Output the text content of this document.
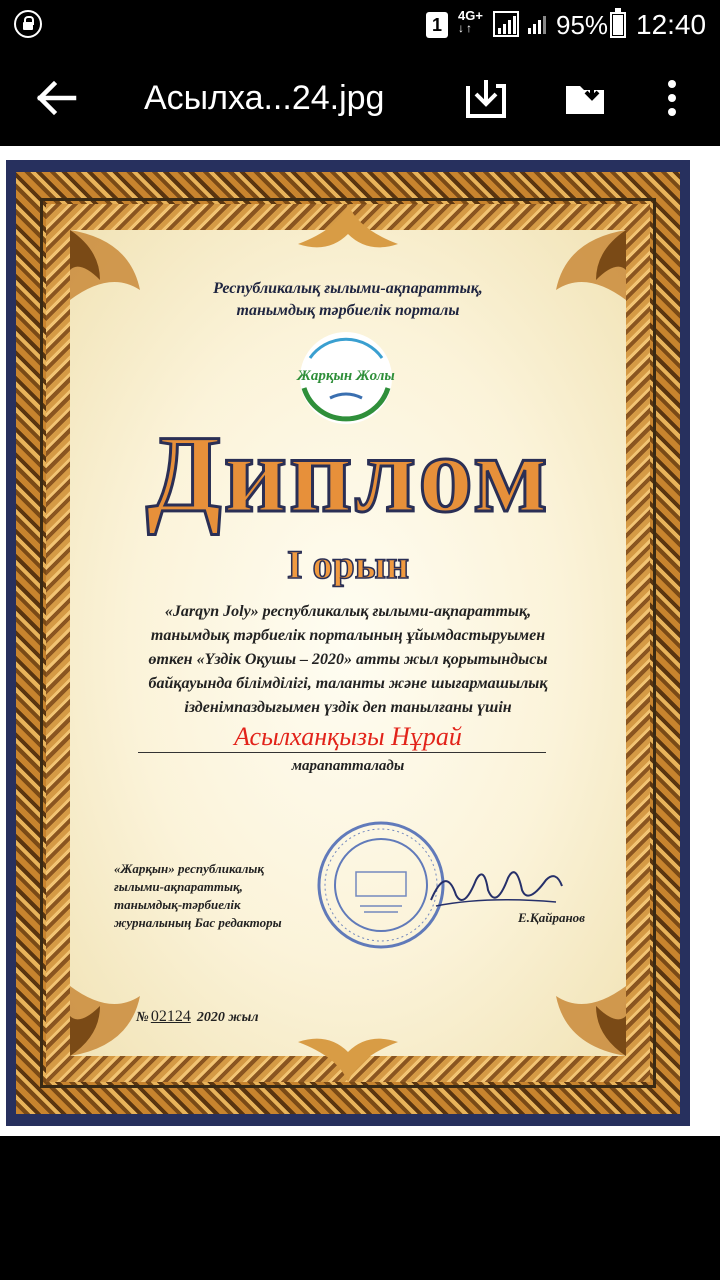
1	4G+
↓↑	95% 12:40
Асылха...24.jpg
Республикалық ғылыми-ақпараттық,
танымдық тәрбиелік порталы
Жарқын Жолы
Диплом
I орын
«Jarqyn Joly» республикалық ғылыми-ақпараттық,
танымдық тәрбиелік порталының ұйымдастыруымен
өткен «Үздік Оқушы – 2020» атты жыл қорытындысы
байқауында білімділігі, таланты және шығармашылық
ізденімпаздығымен үздік деп танылғаны үшін
Асылханқызы Нұрай
марапатталады
«Жарқын» республикалық
ғылыми-ақпараттық,
танымдық-тәрбиелік
журналының Бас редакторы	Е.Қайранов
№ 02124 2020 жыл
